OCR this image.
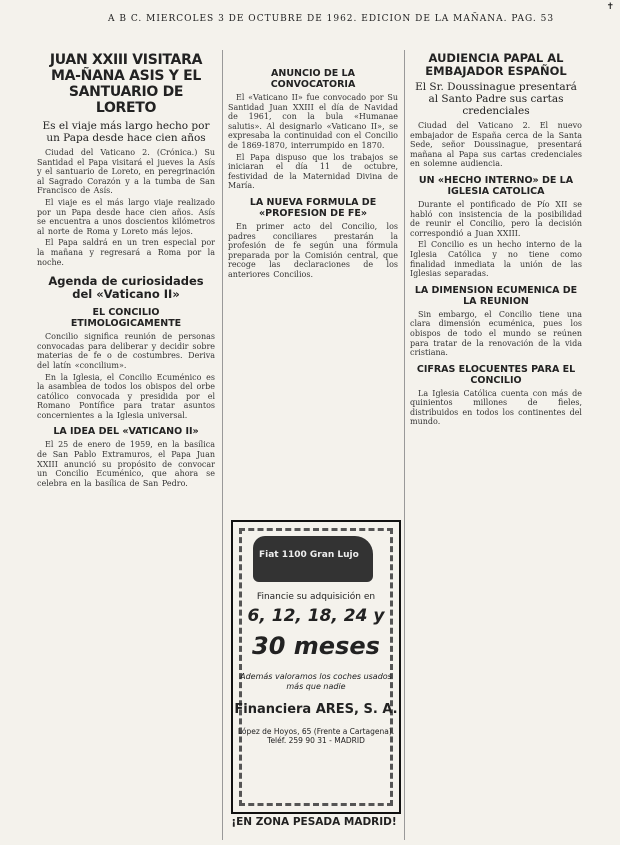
✝
A B C. MIERCOLES 3 DE OCTUBRE DE 1962. EDICION DE LA MAÑANA. PAG. 53
JUAN XXIII VISITARA MA-ÑANA ASIS Y EL SANTUARIO DE LORETO
Es el viaje más largo hecho por un Papa desde hace cien años

Ciudad del Vaticano 2. (Crónica.) Su Santidad el Papa visitará el jueves la Asís y el santuario de Loreto, en peregrinación al Sagrado Corazón y a la tumba de San Francisco de Asís.

El viaje es el más largo viaje realizado por un Papa desde hace cien años. Asís se encuentra a unos doscientos kilómetros al norte de Roma y Loreto más lejos.

El Papa saldrá en un tren especial por la mañana y regresará a Roma por la noche.

Agenda de curiosidades del «Vaticano II»
EL CONCILIO ETIMOLOGICAMENTE

Concilio significa reunión de personas convocadas para deliberar y decidir sobre materias de fe o de costumbres. Deriva del latín «concilium».

En la Iglesia, el Concilio Ecuménico es la asamblea de todos los obispos del orbe católico convocada y presidida por el Romano Pontífice para tratar asuntos concernientes a la Iglesia universal.

LA IDEA DEL «VATICANO II»

El 25 de enero de 1959, en la basílica de San Pablo Extramuros, el Papa Juan XXIII anunció su propósito de convocar un Concilio Ecuménico, que ahora se celebra en la basílica de San Pedro.

ANUNCIO DE LA CONVOCATORIA

El «Vaticano II» fue convocado por Su Santidad Juan XXIII el día de Navidad de 1961, con la bula «Humanae salutis». Al designarlo «Vaticano II», se expresaba la continuidad con el Concilio de 1869-1870, interrumpido en 1870.

El Papa dispuso que los trabajos se iniciaran el día 11 de octubre, festividad de la Maternidad Divina de María.

LA NUEVA FORMULA DE «PROFESION DE FE»

En primer acto del Concilio, los padres conciliares prestarán la profesión de fe según una fórmula preparada por la Comisión central, que recoge las declaraciones de los anteriores Concilios.

Fiat 1100 Gran Lujo
Financie su adquisición en
6, 12, 18, 24 y
30 meses
Además valoramos los coches usados más que nadie
Financiera ARES, S. A.
López de Hoyos, 65 (Frente a Cartagena). Teléf. 259 90 31 - MADRID
¡EN ZONA PESADA MADRID!
AUDIENCIA PAPAL AL EMBAJADOR ESPAÑOL
El Sr. Doussinague presentará al Santo Padre sus cartas credenciales

Ciudad del Vaticano 2. El nuevo embajador de España cerca de la Santa Sede, señor Doussinague, presentará mañana al Papa sus cartas credenciales en solemne audiencia.

UN «HECHO INTERNO» DE LA IGLESIA CATOLICA

Durante el pontificado de Pío XII se habló con insistencia de la posibilidad de reunir el Concilio, pero la decisión correspondió a Juan XXIII.

El Concilio es un hecho interno de la Iglesia Católica y no tiene como finalidad inmediata la unión de las Iglesias separadas.

LA DIMENSION ECUMENICA DE LA REUNION

Sin embargo, el Concilio tiene una clara dimensión ecuménica, pues los obispos de todo el mundo se reúnen para tratar de la renovación de la vida cristiana.

CIFRAS ELOCUENTES PARA EL CONCILIO

La Iglesia Católica cuenta con más de quinientos millones de fieles, distribuidos en todos los continentes del mundo.
